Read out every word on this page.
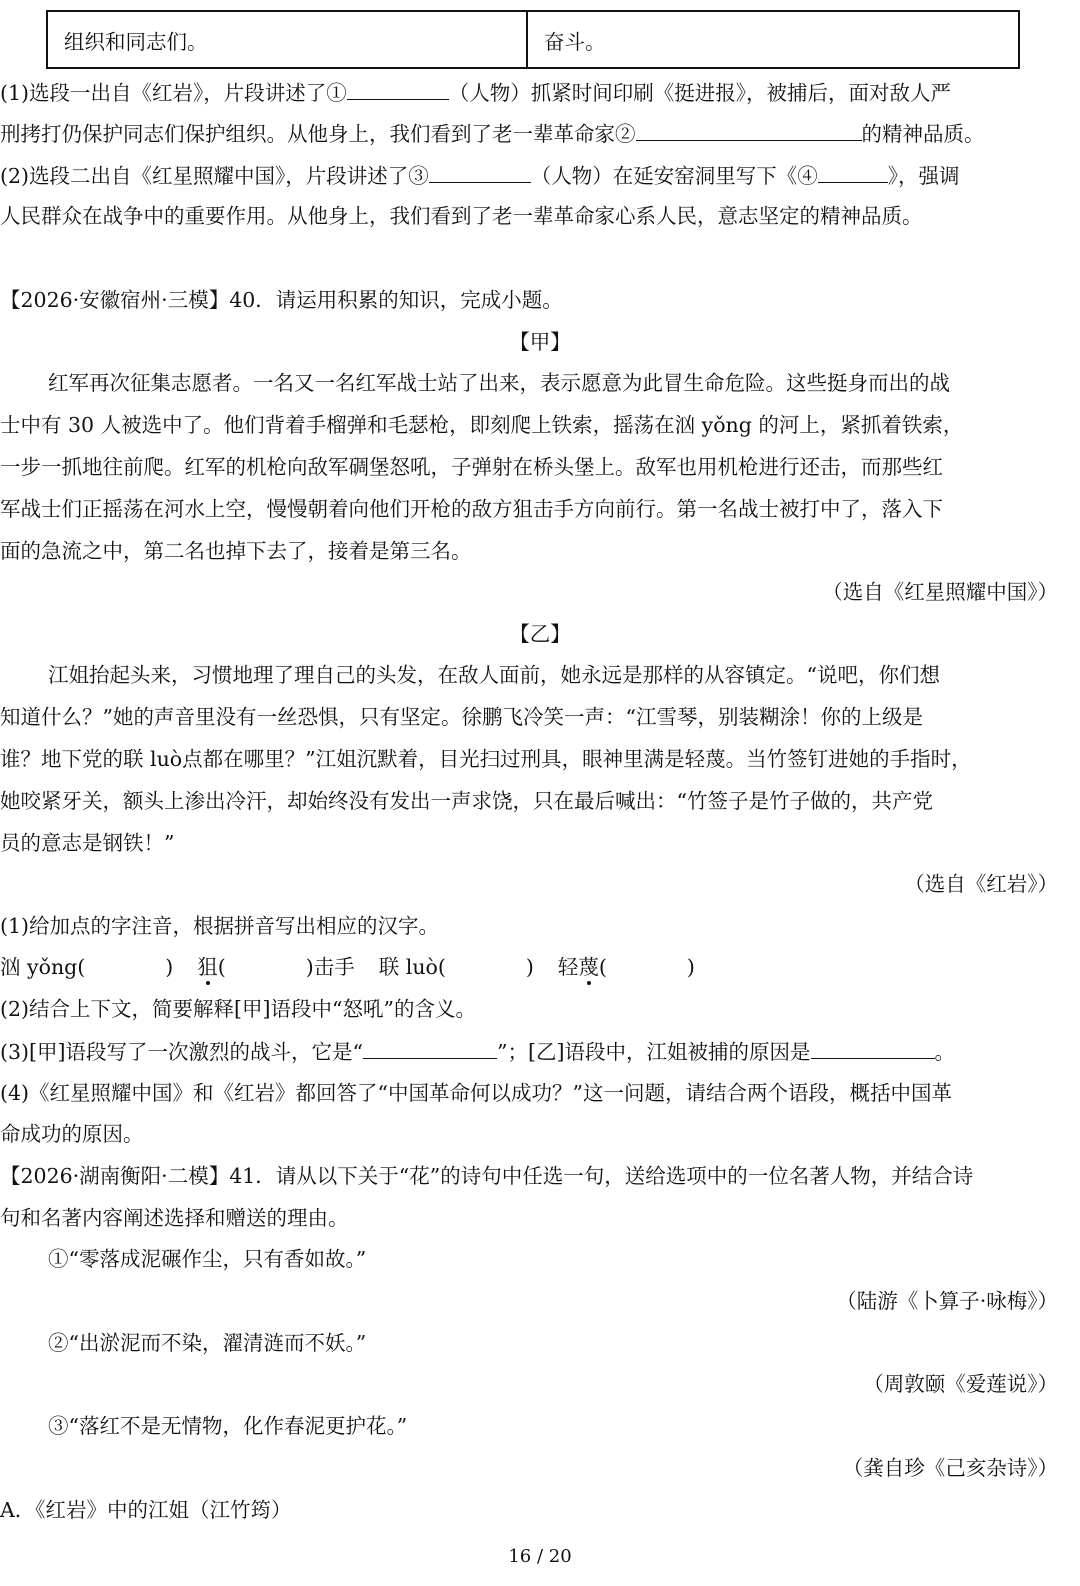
组织和同志们。	奋斗。
(1)选段一出自《红岩》，片段讲述了①	（人物）抓紧时间印刷《挺进报》，被捕后，面对敌人严
刑拷打仍保护同志们保护组织。从他身上，我们看到了老一辈革命家②	的精神品质。
(2)选段二出自《红星照耀中国》，片段讲述了③	（人物）在延安窑洞里写下《④	》，强调
人民群众在战争中的重要作用。从他身上，我们看到了老一辈革命家心系人民，意志坚定的精神品质。
【2026·安徽宿州·三模】40．请运用积累的知识，完成小题。
【甲】
红军再次征集志愿者。一名又一名红军战士站了出来，表示愿意为此冒生命危险。这些挺身而出的战
士中有 30 人被选中了。他们背着手榴弹和毛瑟枪，即刻爬上铁索，摇荡在汹 yǒng 的河上，紧抓着铁索，
一步一抓地往前爬。红军的机枪向敌军碉堡怒吼，子弹射在桥头堡上。敌军也用机枪进行还击，而那些红
军战士们正摇荡在河水上空，慢慢朝着向他们开枪的敌方狙击手方向前行。第一名战士被打中了，落入下
面的急流之中，第二名也掉下去了，接着是第三名。
（选自《红星照耀中国》）
【乙】
江姐抬起头来，习惯地理了理自己的头发，在敌人面前，她永远是那样的从容镇定。“说吧，你们想
知道什么？”她的声音里没有一丝恐惧，只有坚定。徐鹏飞冷笑一声：“江雪琴，别装糊涂！你的上级是
谁？地下党的联 luò点都在哪里？”江姐沉默着，目光扫过刑具，眼神里满是轻蔑。当竹签钉进她的手指时，
她咬紧牙关，额头上渗出冷汗，却始终没有发出一声求饶，只在最后喊出：“竹签子是竹子做的，共产党
员的意志是钢铁！”
（选自《红岩》）
(1)给加点的字注音，根据拼音写出相应的汉字。
汹 yǒng(	) 狙(	)击手 联 luò(	) 轻蔑(	)
(2)结合上下文，简要解释[甲]语段中“怒吼”的含义。
(3)[甲]语段写了一次激烈的战斗，它是“	”；[乙]语段中，江姐被捕的原因是	。
(4)《红星照耀中国》和《红岩》都回答了“中国革命何以成功？”这一问题，请结合两个语段，概括中国革
命成功的原因。
【2026·湖南衡阳·二模】41．请从以下关于“花”的诗句中任选一句，送给选项中的一位名著人物，并结合诗
句和名著内容阐述选择和赠送的理由。
①“零落成泥碾作尘，只有香如故。”
（陆游《卜算子·咏梅》）
②“出淤泥而不染，濯清涟而不妖。”
（周敦颐《爱莲说》）
③“落红不是无情物，化作春泥更护花。”
（龚自珍《己亥杂诗》）
A．《红岩》中的江姐（江竹筠）
16 / 20
